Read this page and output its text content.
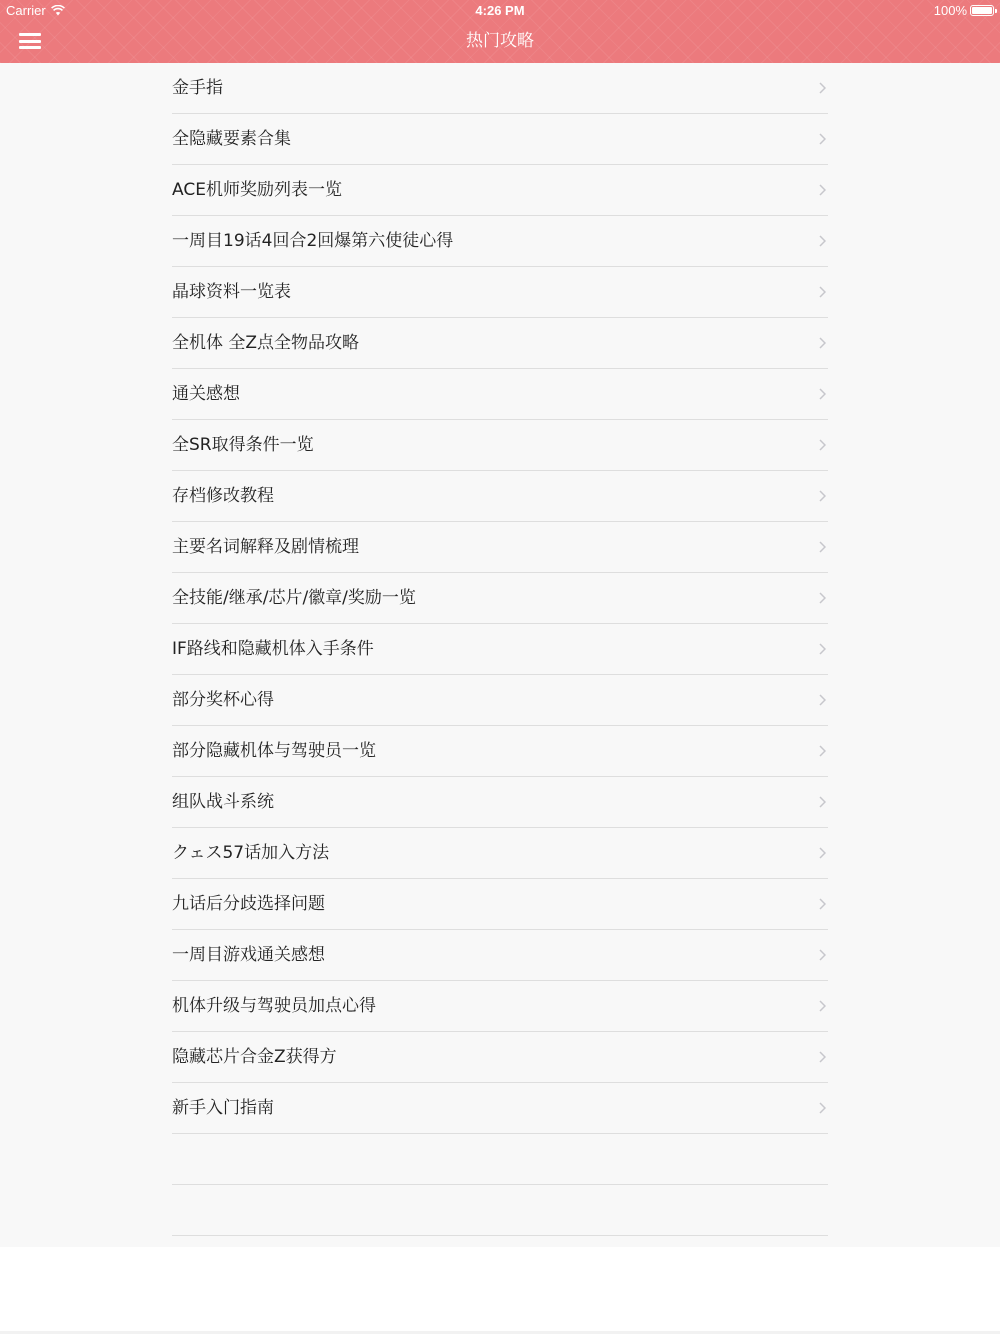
Carrier	4:26 PM	100%
热门攻略
金手指
全隐藏要素合集
ACE机师奖励列表一览
一周目19话4回合2回爆第六使徒心得
晶球资料一览表
全机体 全Z点全物品攻略
通关感想
全SR取得条件一览
存档修改教程
主要名词解释及剧情梳理
全技能/继承/芯片/徽章/奖励一览
IF路线和隐藏机体入手条件
部分奖杯心得
部分隐藏机体与驾驶员一览
组队战斗系统
クェス57话加入方法
九话后分歧选择问题
一周目游戏通关感想
机体升级与驾驶员加点心得
隐藏芯片合金Z获得方
新手入门指南
